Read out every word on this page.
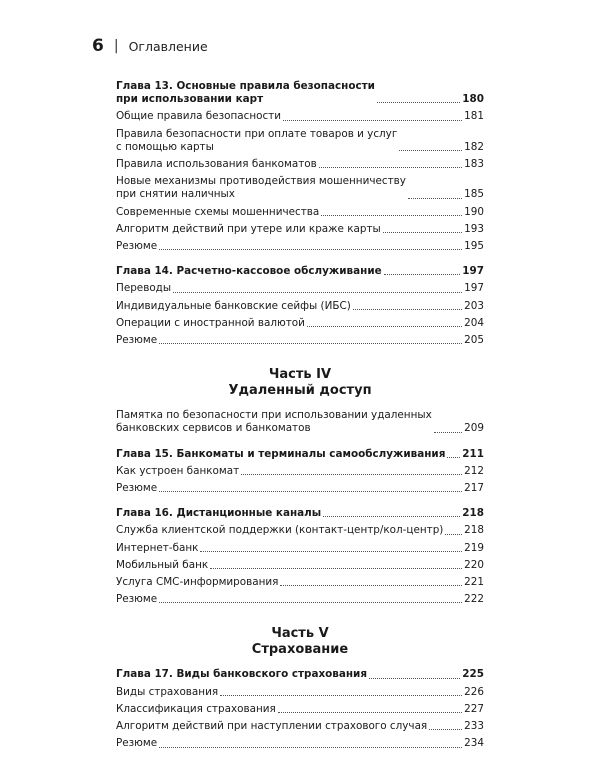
6 | Оглавление
Глава 13. Основные правила безопасности
при использовании карт	180
Общие правила безопасности	181
Правила безопасности при оплате товаров и услуг
с помощью карты	182
Правила использования банкоматов	183
Новые механизмы противодействия мошенничеству
при снятии наличных	185
Современные схемы мошенничества	190
Алгоритм действий при утере или краже карты	193
Резюме	195
Глава 14. Расчетно-кассовое обслуживание	197
Переводы	197
Индивидуальные банковские сейфы (ИБС)	203
Операции с иностранной валютой	204
Резюме	205
Часть IV
Удаленный доступ
Памятка по безопасности при использовании удаленных
банковских сервисов и банкоматов	209
Глава 15. Банкоматы и терминалы самообслуживания 211
Как устроен банкомат	212
Резюме	217
Глава 16. Дистанционные каналы	218
Служба клиентской поддержки (контакт-центр/кол-центр) 218
Интернет-банк	219
Мобильный банк	220
Услуга СМС-информирования	221
Резюме	222
Часть V
Страхование
Глава 17. Виды банковского страхования	225
Виды страхования	226
Классификация страхования	227
Алгоритм действий при наступлении страхового случая	233
Резюме	234
